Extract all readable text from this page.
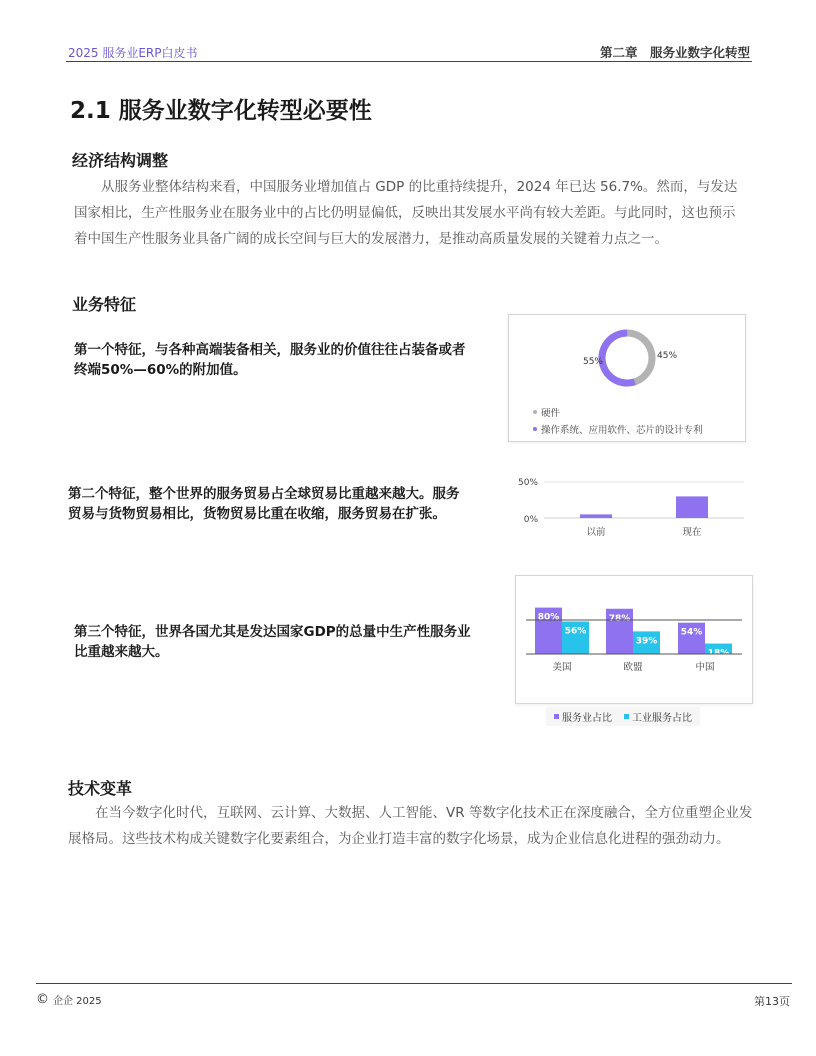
2025 服务业ERP白皮书	第二章　服务业数字化转型
2.1 服务业数字化转型必要性
经济结构调整

从服务业整体结构来看，中国服务业增加值占 GDP 的比重持续提升，2024 年已达 56.7%。然而，与发达国家相比，生产性服务业在服务业中的占比仍明显偏低，反映出其发展水平尚有较大差距。与此同时，这也预示着中国生产性服务业具备广阔的成长空间与巨大的发展潜力，是推动高质量发展的关键着力点之一。

业务特征

第一个特征，与各种高端装备相关，服务业的价值往往占装备或者终端50%—60%的附加值。

第二个特征，整个世界的服务贸易占全球贸易比重越来越大。服务贸易与货物贸易相比，货物贸易比重在收缩，服务贸易在扩张。

第三个特征，世界各国尤其是发达国家GDP的总量中生产性服务业比重越来越大。

55%
45%
硬件
操作系统、应用软件、芯片的设计专利
50%
0%
以前	现在
80%	78%
54%
56%
39%
18%
美国	欧盟	中国
服务业占比 工业服务占比
技术变革

在当今数字化时代，互联网、云计算、大数据、人工智能、VR 等数字化技术正在深度融合，全方位重塑企业发展格局。这些技术构成关键数字化要素组合，为企业打造丰富的数字化场景，成为企业信息化进程的强劲动力。

© 企企 2025	第13页
